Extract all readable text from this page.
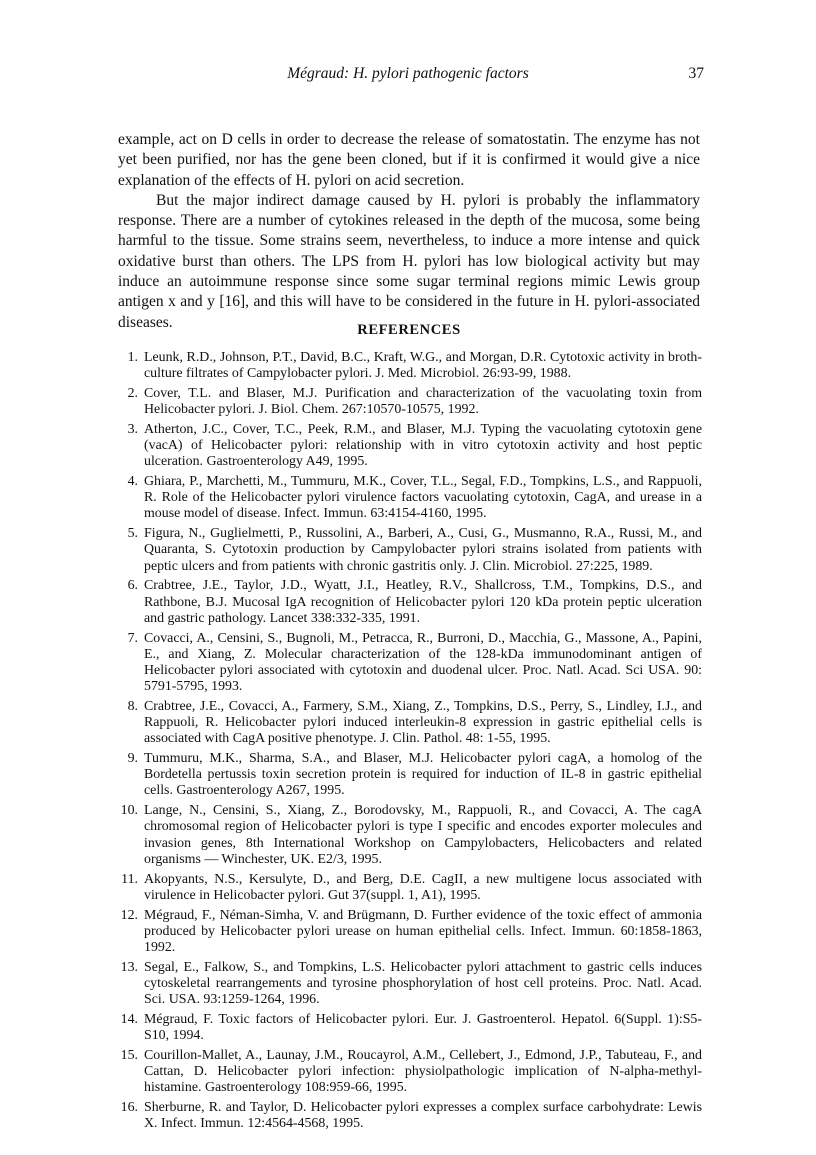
Mégraud: H. pylori pathogenic factors	37

example, act on D cells in order to decrease the release of somatostatin. The enzyme has not yet been purified, nor has the gene been cloned, but if it is confirmed it would give a nice explanation of the effects of H. pylori on acid secretion.

But the major indirect damage caused by H. pylori is probably the inflammatory response. There are a number of cytokines released in the depth of the mucosa, some being harmful to the tissue. Some strains seem, nevertheless, to induce a more intense and quick oxidative burst than others. The LPS from H. pylori has low biological activity but may induce an autoimmune response since some sugar terminal regions mimic Lewis group antigen x and y [16], and this will have to be considered in the future in H. pylori-associated diseases.	REFERENCES
1. Leunk, R.D., Johnson, P.T., David, B.C., Kraft, W.G., and Morgan, D.R. Cytotoxic activity in broth-culture filtrates of Campylobacter pylori. J. Med. Microbiol. 26:93-99, 1988.
2. Cover, T.L. and Blaser, M.J. Purification and characterization of the vacuolating toxin from Helicobacter pylori. J. Biol. Chem. 267:10570-10575, 1992.
3. Atherton, J.C., Cover, T.C., Peek, R.M., and Blaser, M.J. Typing the vacuolating cytotoxin gene (vacA) of Helicobacter pylori: relationship with in vitro cytotoxin activity and host peptic ulceration. Gastroenterology A49, 1995.
4. Ghiara, P., Marchetti, M., Tummuru, M.K., Cover, T.L., Segal, F.D., Tompkins, L.S., and Rappuoli, R. Role of the Helicobacter pylori virulence factors vacuolating cytotoxin, CagA, and urease in a mouse model of disease. Infect. Immun. 63:4154-4160, 1995.
5. Figura, N., Guglielmetti, P., Russolini, A., Barberi, A., Cusi, G., Musmanno, R.A., Russi, M., and Quaranta, S. Cytotoxin production by Campylobacter pylori strains isolated from patients with peptic ulcers and from patients with chronic gastritis only. J. Clin. Microbiol. 27:225, 1989.
6. Crabtree, J.E., Taylor, J.D., Wyatt, J.I., Heatley, R.V., Shallcross, T.M., Tompkins, D.S., and Rathbone, B.J. Mucosal IgA recognition of Helicobacter pylori 120 kDa protein peptic ulceration and gastric pathology. Lancet 338:332-335, 1991.
7. Covacci, A., Censini, S., Bugnoli, M., Petracca, R., Burroni, D., Macchia, G., Massone, A., Papini, E., and Xiang, Z. Molecular characterization of the 128-kDa immunodominant antigen of Helicobacter pylori associated with cytotoxin and duodenal ulcer. Proc. Natl. Acad. Sci USA. 90: 5791-5795, 1993.
8. Crabtree, J.E., Covacci, A., Farmery, S.M., Xiang, Z., Tompkins, D.S., Perry, S., Lindley, I.J., and Rappuoli, R. Helicobacter pylori induced interleukin-8 expression in gastric epithelial cells is associated with CagA positive phenotype. J. Clin. Pathol. 48: 1-55, 1995.
9. Tummuru, M.K., Sharma, S.A., and Blaser, M.J. Helicobacter pylori cagA, a homolog of the Bordetella pertussis toxin secretion protein is required for induction of IL-8 in gastric epithelial cells. Gastroenterology A267, 1995.
10. Lange, N., Censini, S., Xiang, Z., Borodovsky, M., Rappuoli, R., and Covacci, A. The cagA chromosomal region of Helicobacter pylori is type I specific and encodes exporter molecules and invasion genes, 8th International Workshop on Campylobacters, Helicobacters and related organisms — Winchester, UK. E2/3, 1995.
11. Akopyants, N.S., Kersulyte, D., and Berg, D.E. CagII, a new multigene locus associated with virulence in Helicobacter pylori. Gut 37(suppl. 1, A1), 1995.
12. Mégraud, F., Néman-Simha, V. and Brügmann, D. Further evidence of the toxic effect of ammonia produced by Helicobacter pylori urease on human epithelial cells. Infect. Immun. 60:1858-1863, 1992.
13. Segal, E., Falkow, S., and Tompkins, L.S. Helicobacter pylori attachment to gastric cells induces cytoskeletal rearrangements and tyrosine phosphorylation of host cell proteins. Proc. Natl. Acad. Sci. USA. 93:1259-1264, 1996.
14. Mégraud, F. Toxic factors of Helicobacter pylori. Eur. J. Gastroenterol. Hepatol. 6(Suppl. 1):S5-S10, 1994.
15. Courillon-Mallet, A., Launay, J.M., Roucayrol, A.M., Cellebert, J., Edmond, J.P., Tabuteau, F., and Cattan, D. Helicobacter pylori infection: physiolpathologic implication of N-alpha-methyl-histamine. Gastroenterology 108:959-66, 1995.
16. Sherburne, R. and Taylor, D. Helicobacter pylori expresses a complex surface carbohydrate: Lewis X. Infect. Immun. 12:4564-4568, 1995.
